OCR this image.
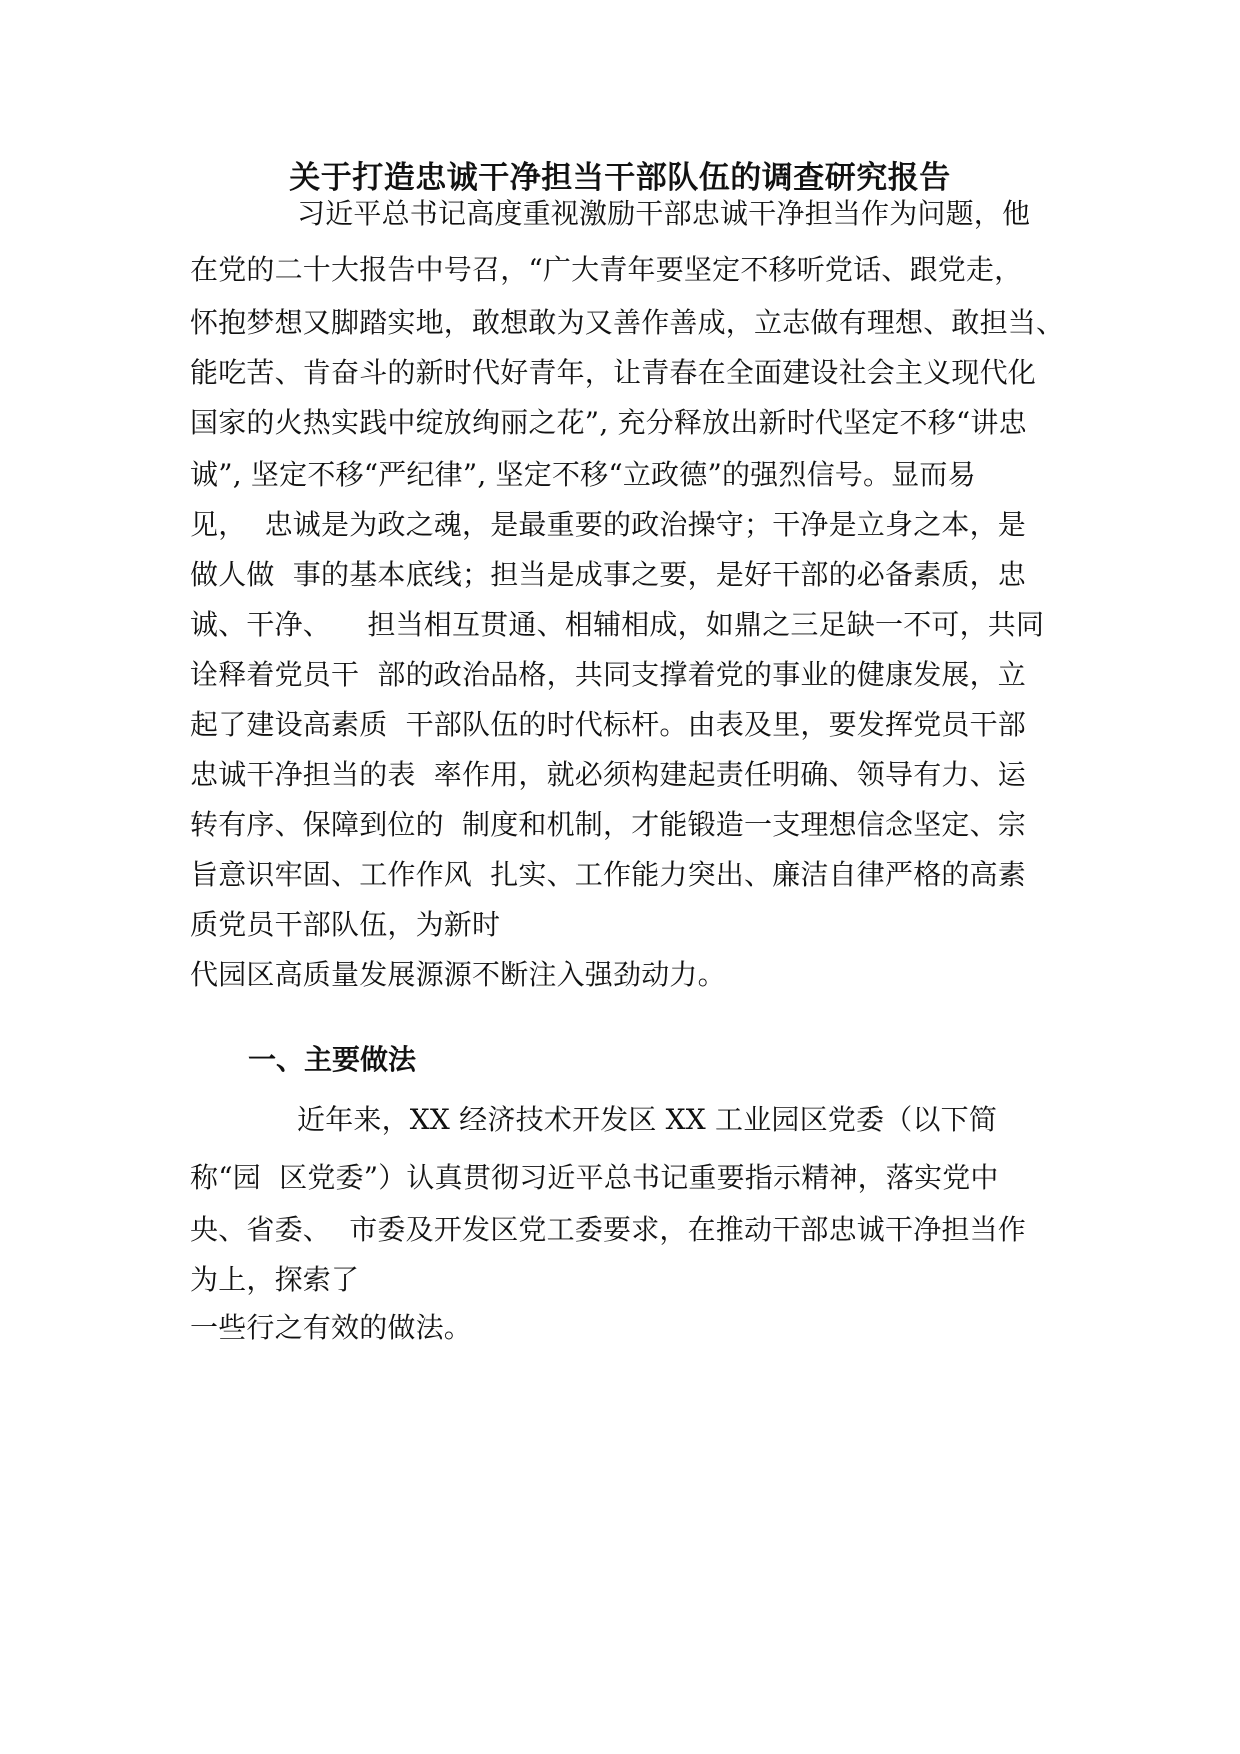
关于打造忠诚干净担当干部队伍的调查研究报告
习近平总书记高度重视激励干部忠诚干净担当作为问题，他
在党的二十大报告中号召，“广大青年要坚定不移听党话、跟党走，
怀抱梦想又脚踏实地，敢想敢为又善作善成，立志做有理想、敢担当、
能吃苦、肯奋斗的新时代好青年，让青春在全面建设社会主义现代化
国家的火热实践中绽放绚丽之花”, 充分释放出新时代坚定不移“讲忠
诚”, 坚定不移“严纪律”, 坚定不移“立政德”的强烈信号。显而易
见，  忠诚是为政之魂，是最重要的政治操守；干净是立身之本，是
做人做  事的基本底线；担当是成事之要，是好干部的必备素质，忠
诚、干净、    担当相互贯通、相辅相成，如鼎之三足缺一不可，共同
诠释着党员干  部的政治品格，共同支撑着党的事业的健康发展，立
起了建设高素质  干部队伍的时代标杆。由表及里，要发挥党员干部
忠诚干净担当的表  率作用，就必须构建起责任明确、领导有力、运
转有序、保障到位的  制度和机制，才能锻造一支理想信念坚定、宗
旨意识牢固、工作作风  扎实、工作能力突出、廉洁自律严格的高素
质党员干部队伍，为新时
代园区高质量发展源源不断注入强劲动力。
一、主要做法
近年来，XX 经济技术开发区 XX 工业园区党委（以下简
称“园  区党委”）认真贯彻习近平总书记重要指示精神，落实党中
央、省委、  市委及开发区党工委要求，在推动干部忠诚干净担当作
为上，探索了
一些行之有效的做法。
